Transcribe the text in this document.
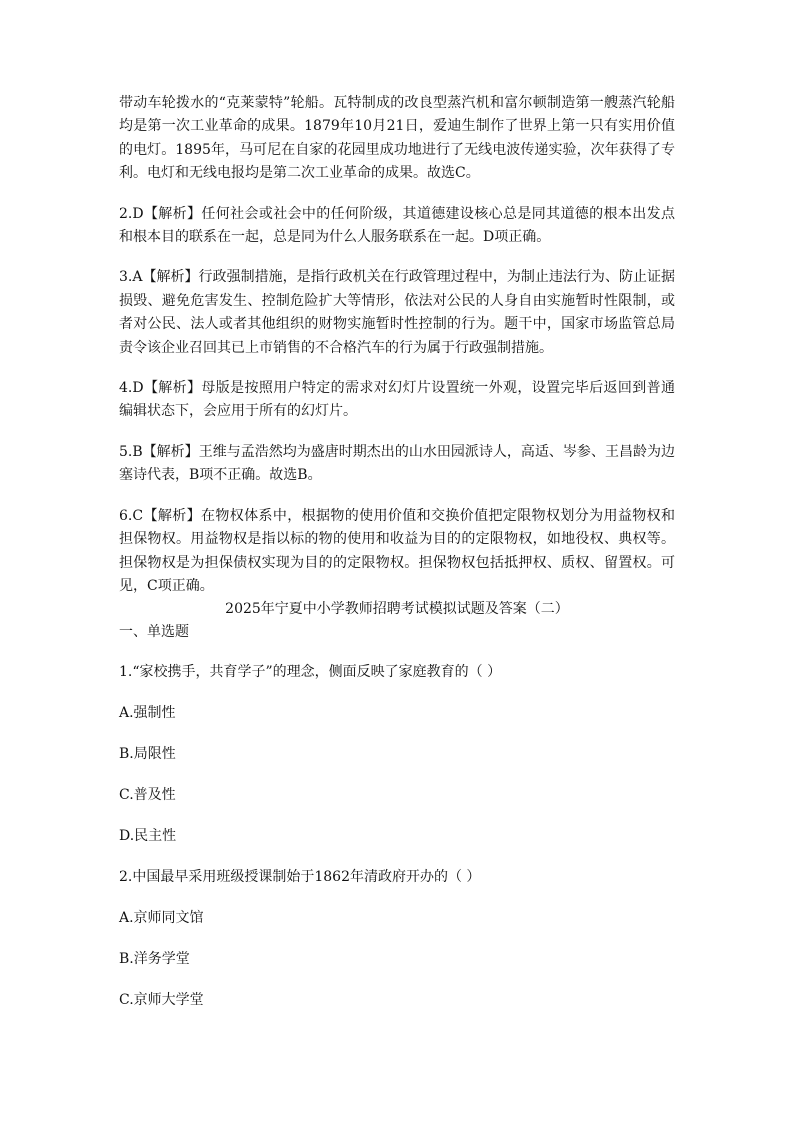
带动车轮拨水的“克莱蒙特”轮船。瓦特制成的改良型蒸汽机和富尔顿制造第一艘蒸汽轮船均是第一次工业革命的成果。1879年10月21日，爱迪生制作了世界上第一只有实用价值的电灯。1895年，马可尼在自家的花园里成功地进行了无线电波传递实验，次年获得了专利。电灯和无线电报均是第二次工业革命的成果。故选C。

2.D【解析】任何社会或社会中的任何阶级，其道德建设核心总是同其道德的根本出发点和根本目的联系在一起，总是同为什么人服务联系在一起。D项正确。

3.A【解析】行政强制措施，是指行政机关在行政管理过程中，为制止违法行为、防止证据损毁、避免危害发生、控制危险扩大等情形，依法对公民的人身自由实施暂时性限制，或者对公民、法人或者其他组织的财物实施暂时性控制的行为。题干中，国家市场监管总局责令该企业召回其已上市销售的不合格汽车的行为属于行政强制措施。

4.D【解析】母版是按照用户特定的需求对幻灯片设置统一外观，设置完毕后返回到普通编辑状态下，会应用于所有的幻灯片。

5.B【解析】王维与孟浩然均为盛唐时期杰出的山水田园派诗人，高适、岑参、王昌龄为边塞诗代表，B项不正确。故选B。

6.C【解析】在物权体系中，根据物的使用价值和交换价值把定限物权划分为用益物权和担保物权。用益物权是指以标的物的使用和收益为目的的定限物权，如地役权、典权等。担保物权是为担保债权实现为目的的定限物权。担保物权包括抵押权、质权、留置权。可见，C项正确。

2025年宁夏中小学教师招聘考试模拟试题及答案（二）

一、单选题

1.“家校携手，共育学子”的理念，侧面反映了家庭教育的（ ）

A.强制性

B.局限性

C.普及性

D.民主性

2.中国最早采用班级授课制始于1862年清政府开办的（ ）

A.京师同文馆

B.洋务学堂

C.京师大学堂
